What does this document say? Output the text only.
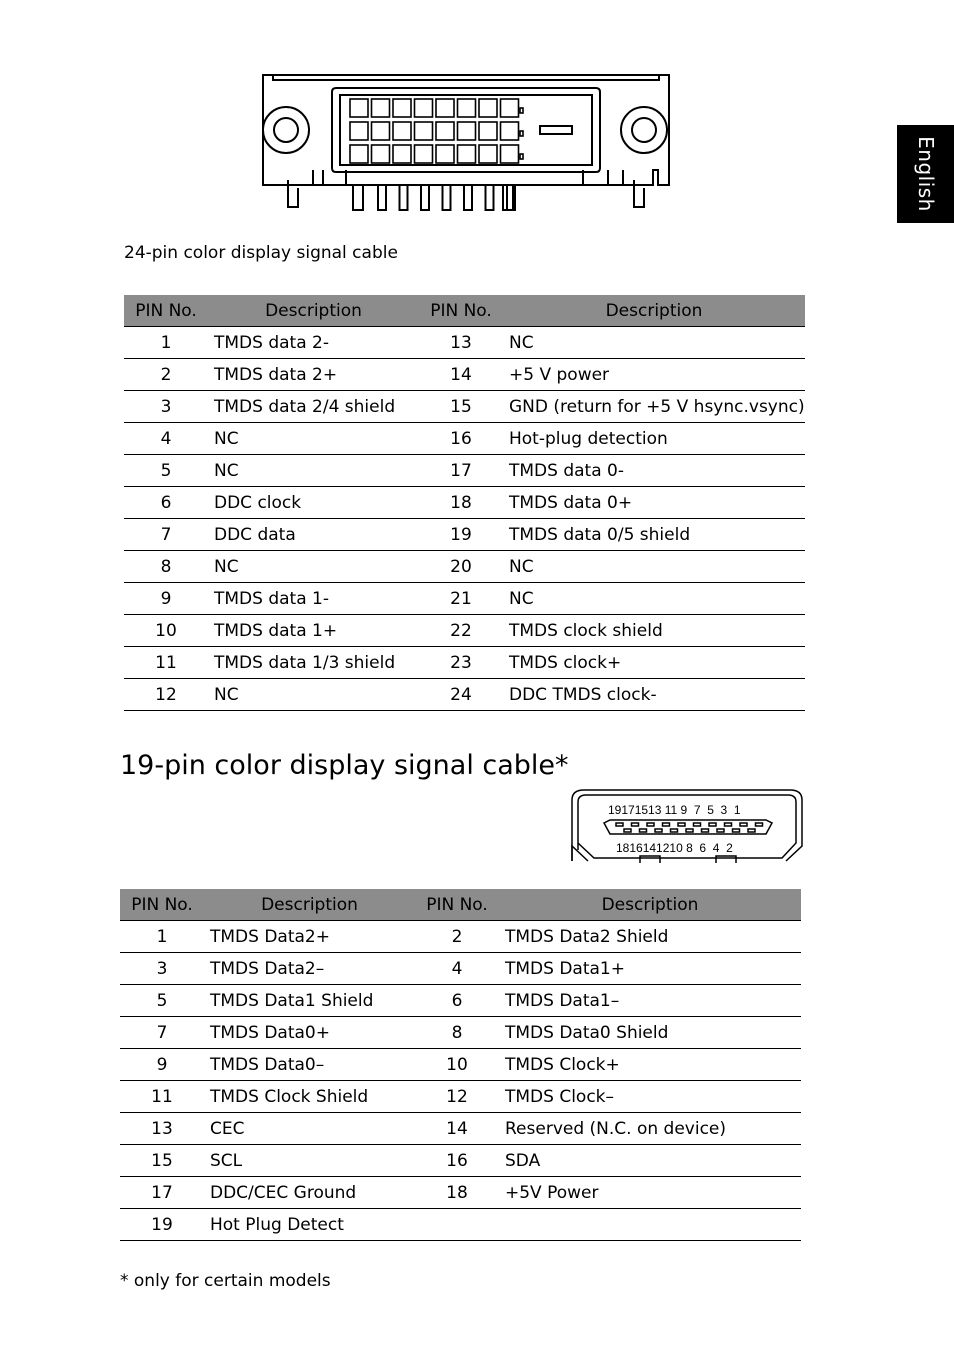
English
24-pin color display signal cable
PIN No.	Description	PIN No.	Description
1	TMDS data 2-	13	NC
2	TMDS data 2+	14	+5 V power
3	TMDS data 2/4 shield	15	GND (return for +5 V hsync.vsync)
4	NC	16	Hot-plug detection
5	NC	17	TMDS data 0-
6	DDC clock	18	TMDS data 0+
7	DDC data	19	TMDS data 0/5 shield
8	NC	20	NC
9	TMDS data 1-	21	NC
10	TMDS data 1+	22	TMDS clock shield
11	TMDS data 1/3 shield	23	TMDS clock+
12	NC	24	DDC TMDS clock-
19-pin color display signal cable*
19171513 11 9  7  5  3  1
1816141210 8  6  4  2
PIN No.	Description	PIN No.	Description
1	TMDS Data2+	2	TMDS Data2 Shield
3	TMDS Data2–	4	TMDS Data1+
5	TMDS Data1 Shield	6	TMDS Data1–
7	TMDS Data0+	8	TMDS Data0 Shield
9	TMDS Data0–	10	TMDS Clock+
11	TMDS Clock Shield	12	TMDS Clock–
13	CEC	14	Reserved (N.C. on device)
15	SCL	16	SDA
17	DDC/CEC Ground	18	+5V Power
19	Hot Plug Detect		
* only for certain models
